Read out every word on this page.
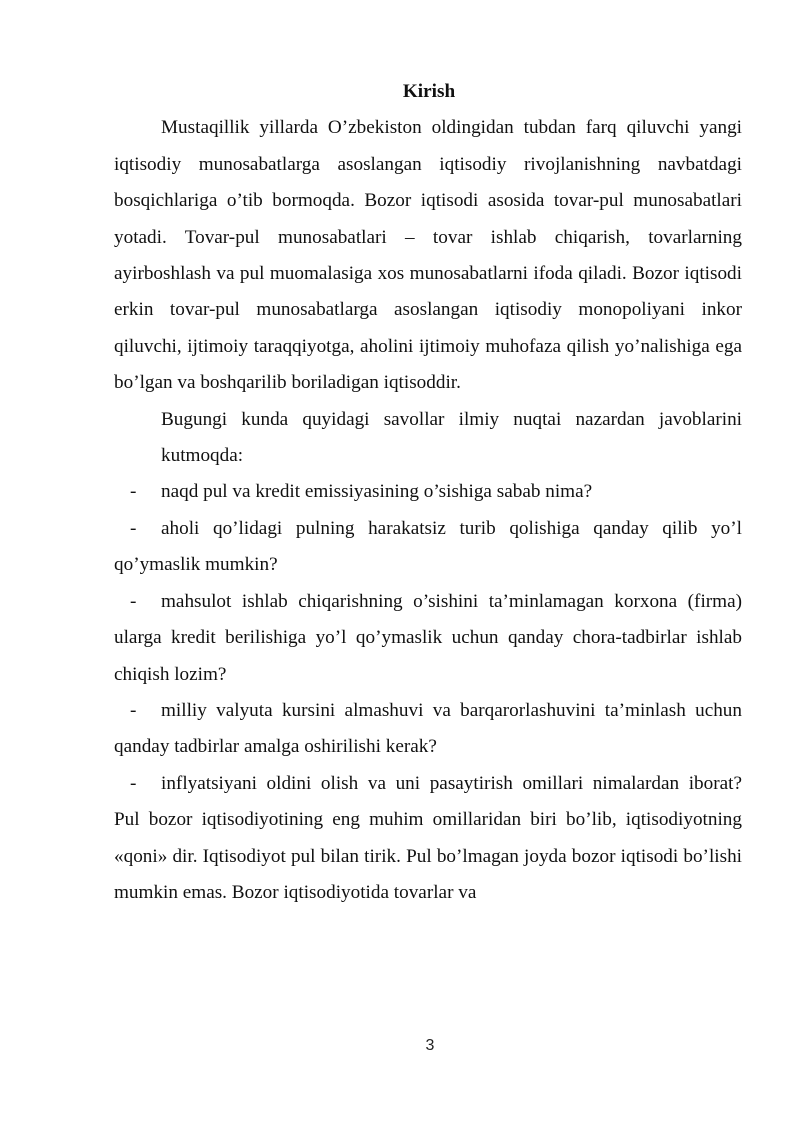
Kirish

Mustaqillik yillarda O’zbekiston oldingidan tubdan farq qiluvchi yangi iqtisodiy munosabatlarga asoslangan iqtisodiy rivojlanishning navbatdagi bosqichlariga o’tib bormoqda. Bozor iqtisodi asosida tovar-pul munosabatlari yotadi. Tovar-pul munosabatlari – tovar ishlab chiqarish, tovarlarning ayirboshlash va pul muomalasiga xos munosabatlarni ifoda qiladi. Bozor iqtisodi erkin tovar-pul munosabatlarga asoslangan iqtisodiy monopoliyani inkor qiluvchi, ijtimoiy taraqqiyotga, aholini ijtimoiy muhofaza qilish yo’nalishiga ega bo’lgan va boshqarilib boriladigan iqtisoddir.

Bugungi kunda quyidagi savollar ilmiy nuqtai nazardan javoblarini kutmoqda:

- naqd pul va kredit emissiyasining o’sishiga sabab nima?

- aholi qo’lidagi pulning harakatsiz turib qolishiga qanday qilib yo’l qo’ymaslik mumkin?

- mahsulot ishlab chiqarishning o’sishini ta’minlamagan korxona (firma) ularga kredit berilishiga yo’l qo’ymaslik uchun qanday chora-tadbirlar ishlab chiqish lozim?

- milliy valyuta kursini almashuvi va barqarorlashuvini ta’minlash uchun qanday tadbirlar amalga oshirilishi kerak?

- inflyatsiyani oldini olish va uni pasaytirish omillari nimalardan iborat?    Pul bozor iqtisodiyotining eng muhim omillaridan biri bo’lib, iqtisodiyotning «qoni» dir. Iqtisodiyot pul bilan tirik. Pul bo’lmagan joyda bozor iqtisodi bo’lishi mumkin emas. Bozor iqtisodiyotida tovarlar va

3
